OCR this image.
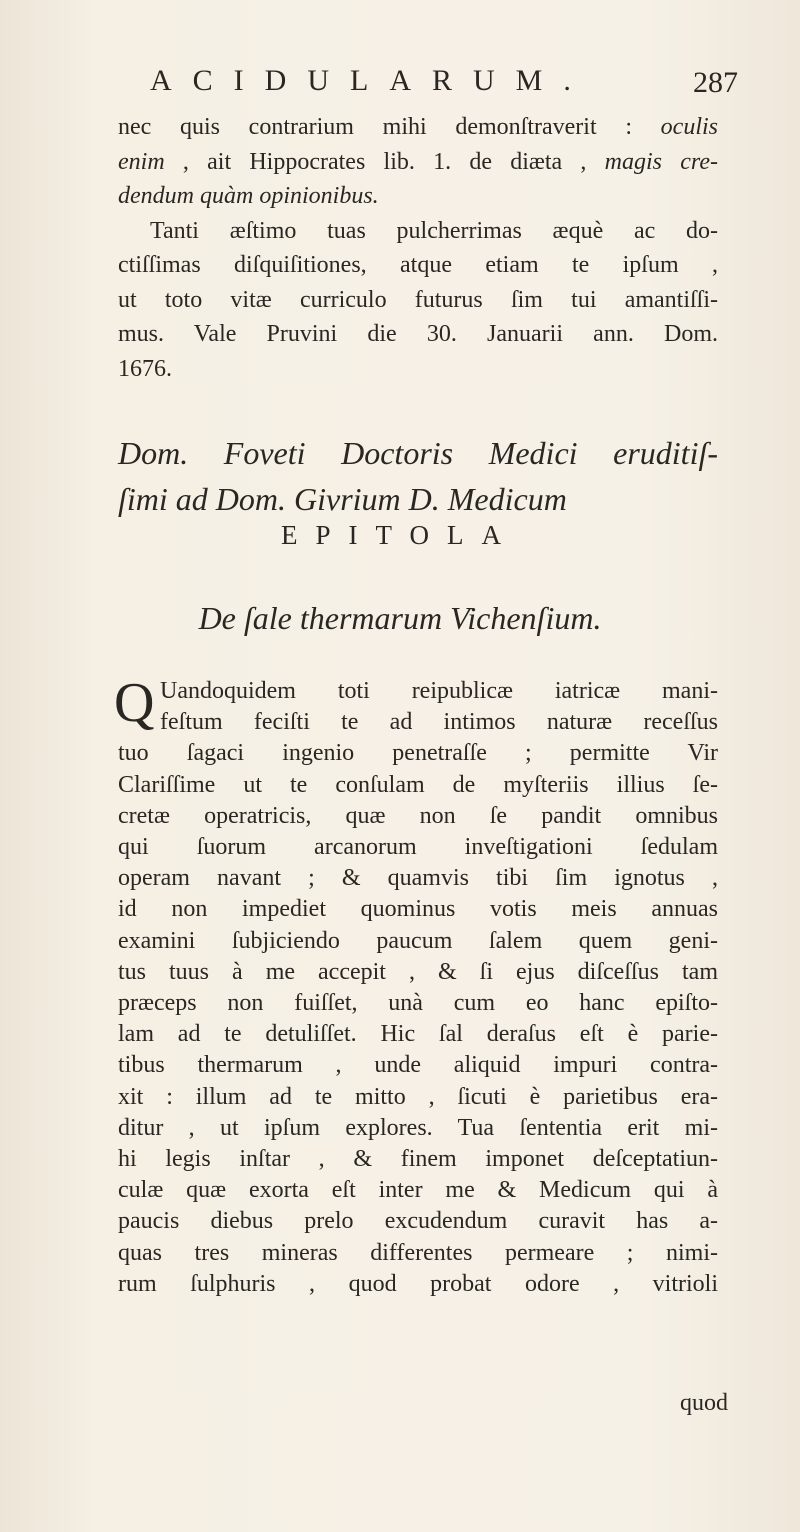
ACIDULARUM.	287
nec quis contrarium mihi demonſtraverit : oculis
enim , ait Hippocrates lib. 1. de diæta , magis cre-
dendum quàm opinionibus.
Tanti æſtimo tuas pulcherrimas æquè ac do-
ctiſſimas diſquiſitiones, atque etiam te ipſum ,
ut toto vitæ curriculo futurus ſim tui amantiſſi-
mus. Vale Pruvini die 30. Januarii ann. Dom.
1676.
Dom. Foveti Doctoris Medici eruditiſ-
ſimi ad Dom. Givrium D. Medicum
EPITOLA
De ſale thermarum Vichenſium.
Q Uandoquidem toti reipublicæ iatricæ mani-
feſtum feciſti te ad intimos naturæ receſſus
tuo ſagaci ingenio penetraſſe ; permitte Vir
Clariſſime ut te conſulam de myſteriis illius ſe-
cretæ operatricis, quæ non ſe pandit omnibus
qui ſuorum arcanorum inveſtigationi ſedulam
operam navant ; & quamvis tibi ſim ignotus ,
id non impediet quominus votis meis annuas
examini ſubjiciendo paucum ſalem quem geni-
tus tuus à me accepit , & ſi ejus diſceſſus tam
præceps non fuiſſet, unà cum eo hanc epiſto-
lam ad te detuliſſet. Hic ſal deraſus eſt è parie-
tibus thermarum , unde aliquid impuri contra-
xit : illum ad te mitto , ſicuti è parietibus era-
ditur , ut ipſum explores. Tua ſententia erit mi-
hi legis inſtar , & finem imponet deſceptatiun-
culæ quæ exorta eſt inter me & Medicum qui à
paucis diebus prelo excudendum curavit has a-
quas tres mineras differentes permeare ; nimi-
rum ſulphuris , quod probat odore , vitrioli
quod
